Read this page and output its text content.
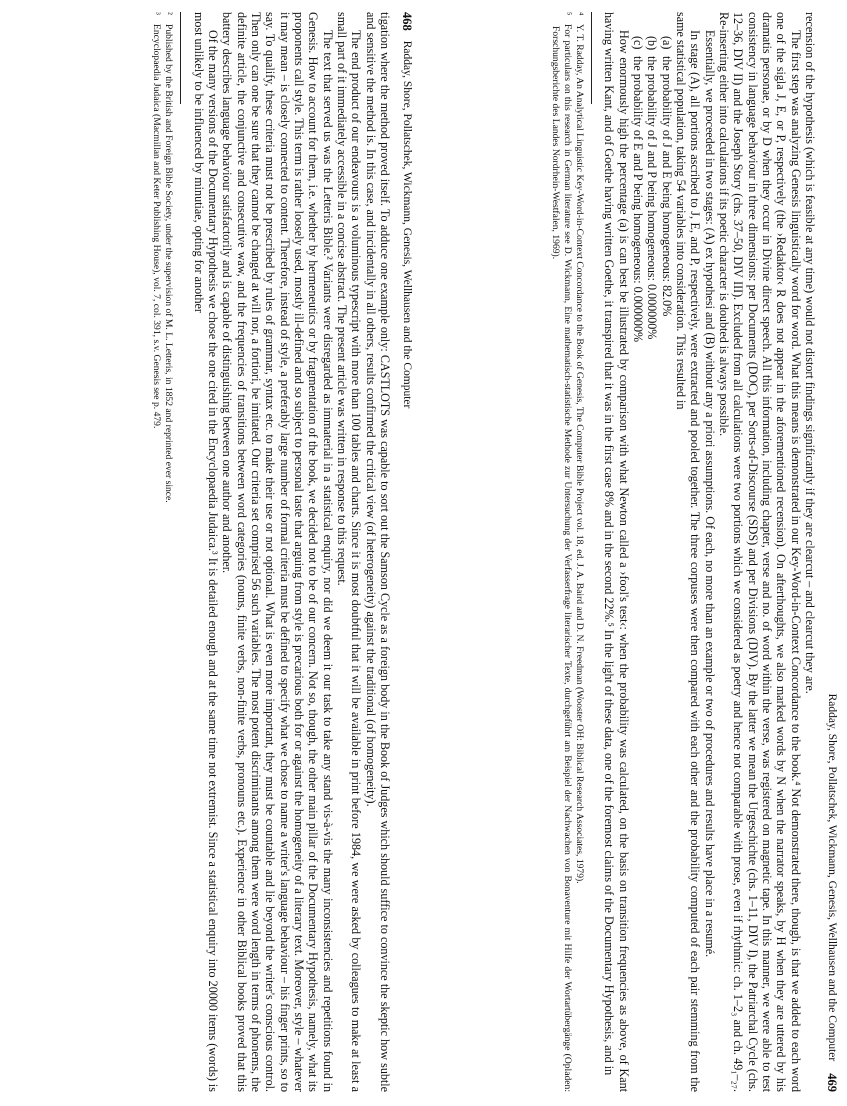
Radday, Shore, Pollatschek, Wickmann, Genesis, Wellhausen and the Computer
469

recension of the hypothesis (which is feasible at any time) would not distort findings significantly if they are clearcut – and clearcut they are.

The first step was analyzing Genesis linguistically word for word. What this means is demonstrated in our Key-Word-in-Context Concordance to the book.⁴ Not demonstrated there, though, is that we added to each word one of the sigla J, E, or P, respectively (the ›Redaktor‹ R does not appear in the aforementioned recension). On afterthoughts, we also marked words by N when the narrator speaks, by H when they are uttered by his dramatis personae, or by D when they occur in Divine direct speech. All this information, including chapter, verse and no. of word within the verse, was registered on magnetic tape. In this manner, we were able to test consistency in language behaviour in three dimensions: per Documents (DOC), per Sorts-of-Discourse (SDS) and per Divisions (DIV). By the latter we mean the Urgeschichte (chs. 1–11, DIV I), the Patriarchal Cycle (chs. 12–36, DIV II) and the Joseph Story (chs. 37–50, DIV III). Excluded from all calculations were two portions which we considered as poetry and hence not comparable with prose, even if rhythmic: ch. 1–2₃ and ch. 49₁–₂₇. Re-inserting either into calculations if its poetic character is doubted is always possible.

Essentially, we proceeded in two stages: (A) ex hypothesi and (B) without any a priori assumptions. Of each, no more than an example or two of procedures and results have place in a resumé.

In stage (A), all portions ascribed to J, E, and P, respectively, were extracted and pooled together. The three corpuses were then compared with each other and the probability computed of each pair stemming from the same statistical population, taking 54 variables into consideration. This resulted in

(a)the probability of J and E being homogeneous: 82.0%
(b)the probability of J and P being homogeneous: 0.000000%
(c)the probability of E and P being homogeneous: 0.000000%

How enormously high the percentage (a) is can best be illustrated by comparison with what Newton called a ›fool's test‹: when the probability was calculated, on the basis on transition frequencies as above, of Kant having written Kant, and of Goethe having written Goethe, it transpired that it was in the first case 8% and in the second 22%.⁵ In the light of these data, one of the foremost claims of the Documentary Hypothesis, and in

⁴Y. T. Radday, An Analytical Linguistic Key-Word-in-Context Concordance to the Book of Genesis, The Computer Bible Project vol. 18, ed. J. A. Baird and D. N. Freedman (Wooster OH: Biblical Research Associates, 1979).
⁵For particulars on this research in German literature see D. Wickmann, Eine mathematisch-statistische Methode zur Untersuchung der Verfasserfrage literarischer Texte, durchgeführt am Beispiel der Nachwachen von Bonaventure mit Hilfe der Wortartübergänge (Opladen: Forschungsberichte des Landes Nordrhein-Westfalen, 1969).
468
Radday, Shore, Pollatschek, Wickmann, Genesis, Wellhausen and the Computer

tigation where the method proved itself. To adduce one example only: CASTLOTS was capable to sort out the Samson Cycle as a foreign body in the Book of Judges which should suffice to convince the skeptic how subtle and sensitive the method is. In this case, and incidentally in all others, results confirmed the critical view (of heterogeneity) against the traditional (of homogeneity).

The end product of our endeavours is a voluminous typescript with more than 100 tables and charts. Since it is most doubtful that it will be available in print before 1984, we were asked by colleagues to make at least a small part of it immediately accessible in a concise abstract. The present article was written in response to this request.

The text that served us was the Letteris Bible.² Variants were disregarded as immaterial in a statistical enquiry, nor did we deem it our task to take any stand vis-à-vis the many inconsistencies and repetitions found in Genesis. How to account for them, i.e. whether by hermeneutics or by fragmentation of the book, we decided not to be of our concern. Not so, though, the other main pillar of the Documentary Hypothesis, namely, what its proponents call style. This term is rather loosely used, mostly ill-defined and so subject to personal taste that arguing from style is precarious both for or against the homogeneity of a literary text. Moreover, style – whatever it may mean – is closely connected to content. Therefore, instead of style, a preferably large number of formal criteria must be defined to specify what we chose to name a writer's language behaviour – his finger prints, so to say. To qualify, these criteria must not be prescribed by rules of grammar, syntax etc. to make their use or not optional. What is even more important, they must be countable and lie beyond the writer's conscious control. Then only can one be sure that they cannot be changed at will nor, a fortiori, be imitated. Our criteria set comprised 56 such variables. The most potent discriminants among them were word length in terms of phonems, the definite article, the conjunctive and consecutive waw, and the frequencies of transitions between word categories (nouns, finite verbs, non-finite verbs, pronouns etc.). Experience in other Biblical books proved that this battery describes language behaviour satisfactorily and is capable of distinguishing between one author and another.

Of the many versions of the Documentary Hypothesis we chose the one cited in the Encyclopaedia Judaica.³ It is detailed enough and at the same time not extremist. Since a statistical enquiry into 20000 items (words) is most unlikely to be influenced by minutiae, opting for another

²Published by the British and Foreign Bible Society, under the supervision of M. L. Letteris, in 1852 and reprinted ever since.
³Encyclopaedia Judaica (Macmillan and Keter Publishing House), vol. 7, col. 391, s.v. Genesis see p. 479.
